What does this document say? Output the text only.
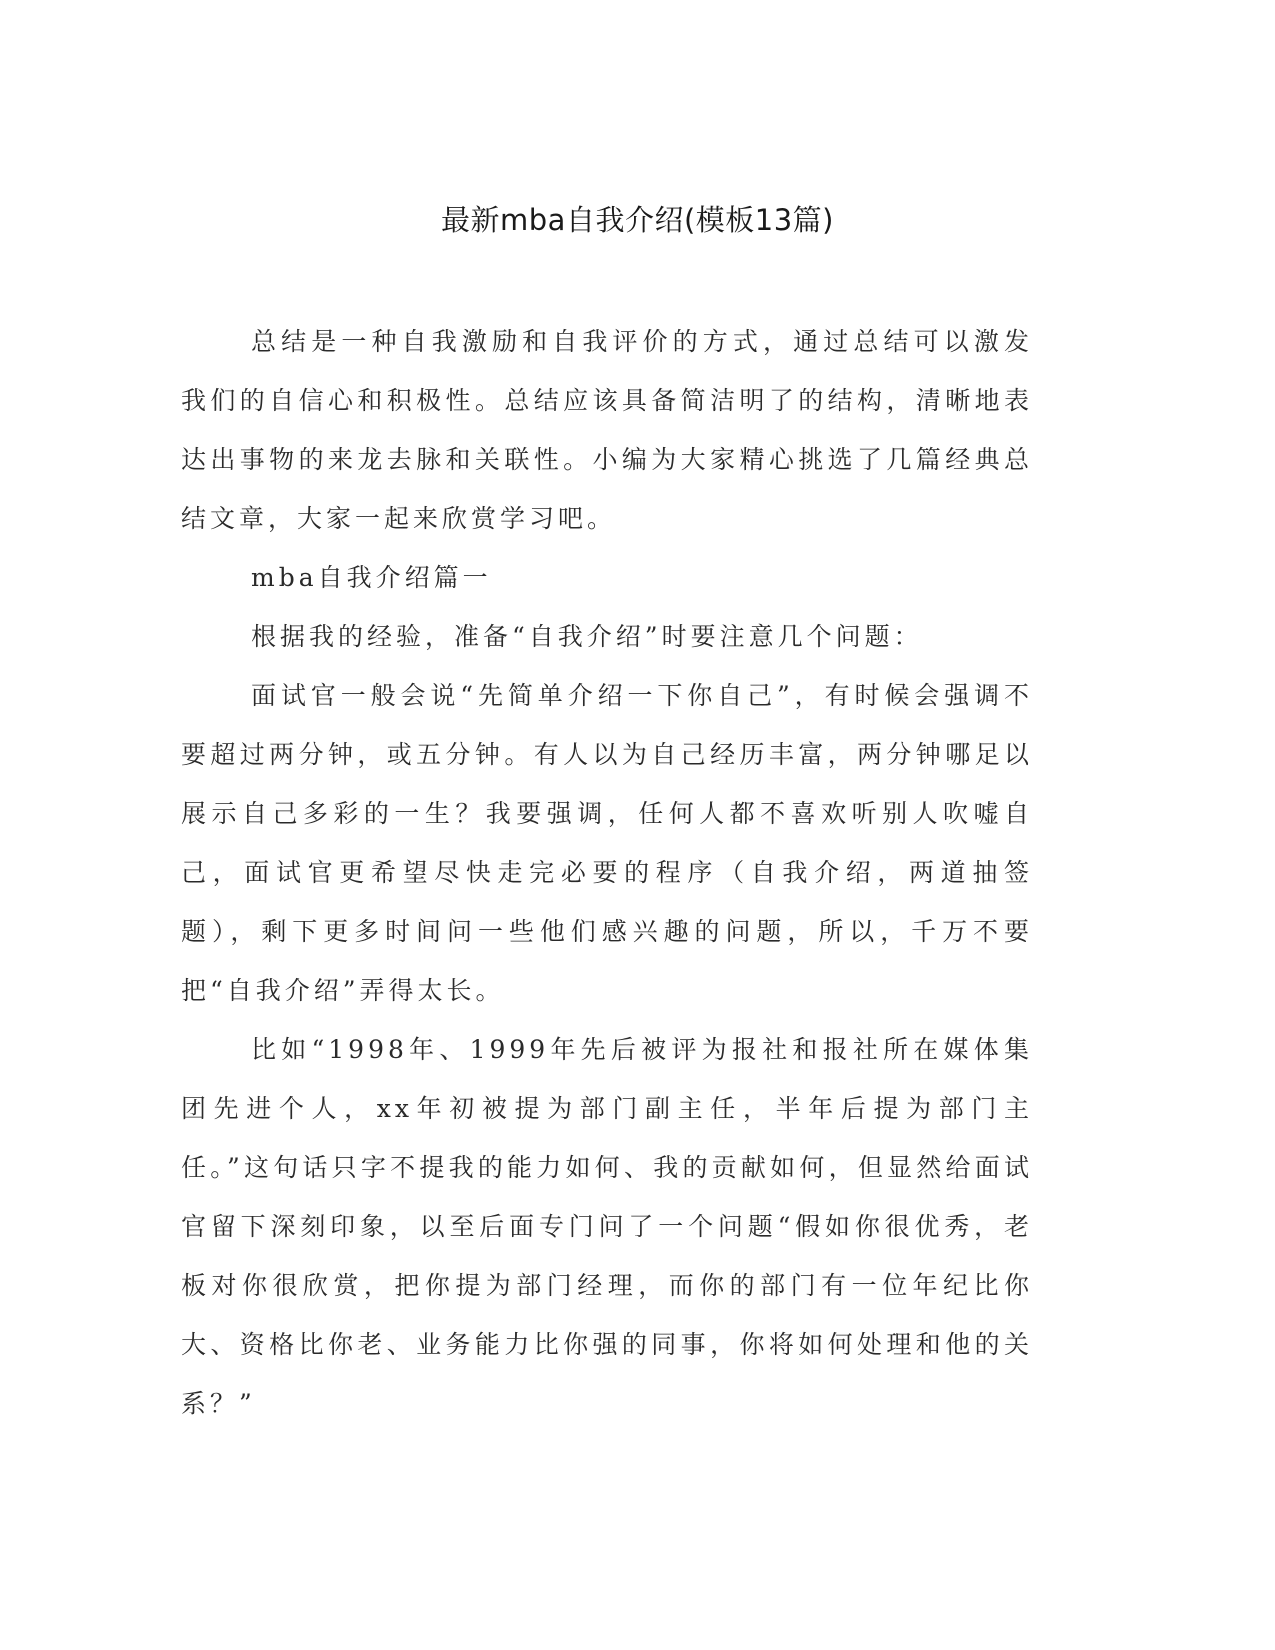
最新mba自我介绍(模板13篇)

总结是一种自我激励和自我评价的方式，通过总结可以激发我们的自信心和积极性。总结应该具备简洁明了的结构，清晰地表达出事物的来龙去脉和关联性。小编为大家精心挑选了几篇经典总结文章，大家一起来欣赏学习吧。

mba自我介绍篇一

根据我的经验，准备“自我介绍”时要注意几个问题：

面试官一般会说“先简单介绍一下你自己”，有时候会强调不要超过两分钟，或五分钟。有人以为自己经历丰富，两分钟哪足以展示自己多彩的一生？我要强调，任何人都不喜欢听别人吹嘘自己，面试官更希望尽快走完必要的程序（自我介绍，两道抽签题），剩下更多时间问一些他们感兴趣的问题，所以，千万不要把“自我介绍”弄得太长。

比如“1998年、1999年先后被评为报社和报社所在媒体集团先进个人，xx年初被提为部门副主任，半年后提为部门主任。”这句话只字不提我的能力如何、我的贡献如何，但显然给面试官留下深刻印象，以至后面专门问了一个问题“假如你很优秀，老板对你很欣赏，把你提为部门经理，而你的部门有一位年纪比你大、资格比你老、业务能力比你强的同事，你将如何处理和他的关系？”
